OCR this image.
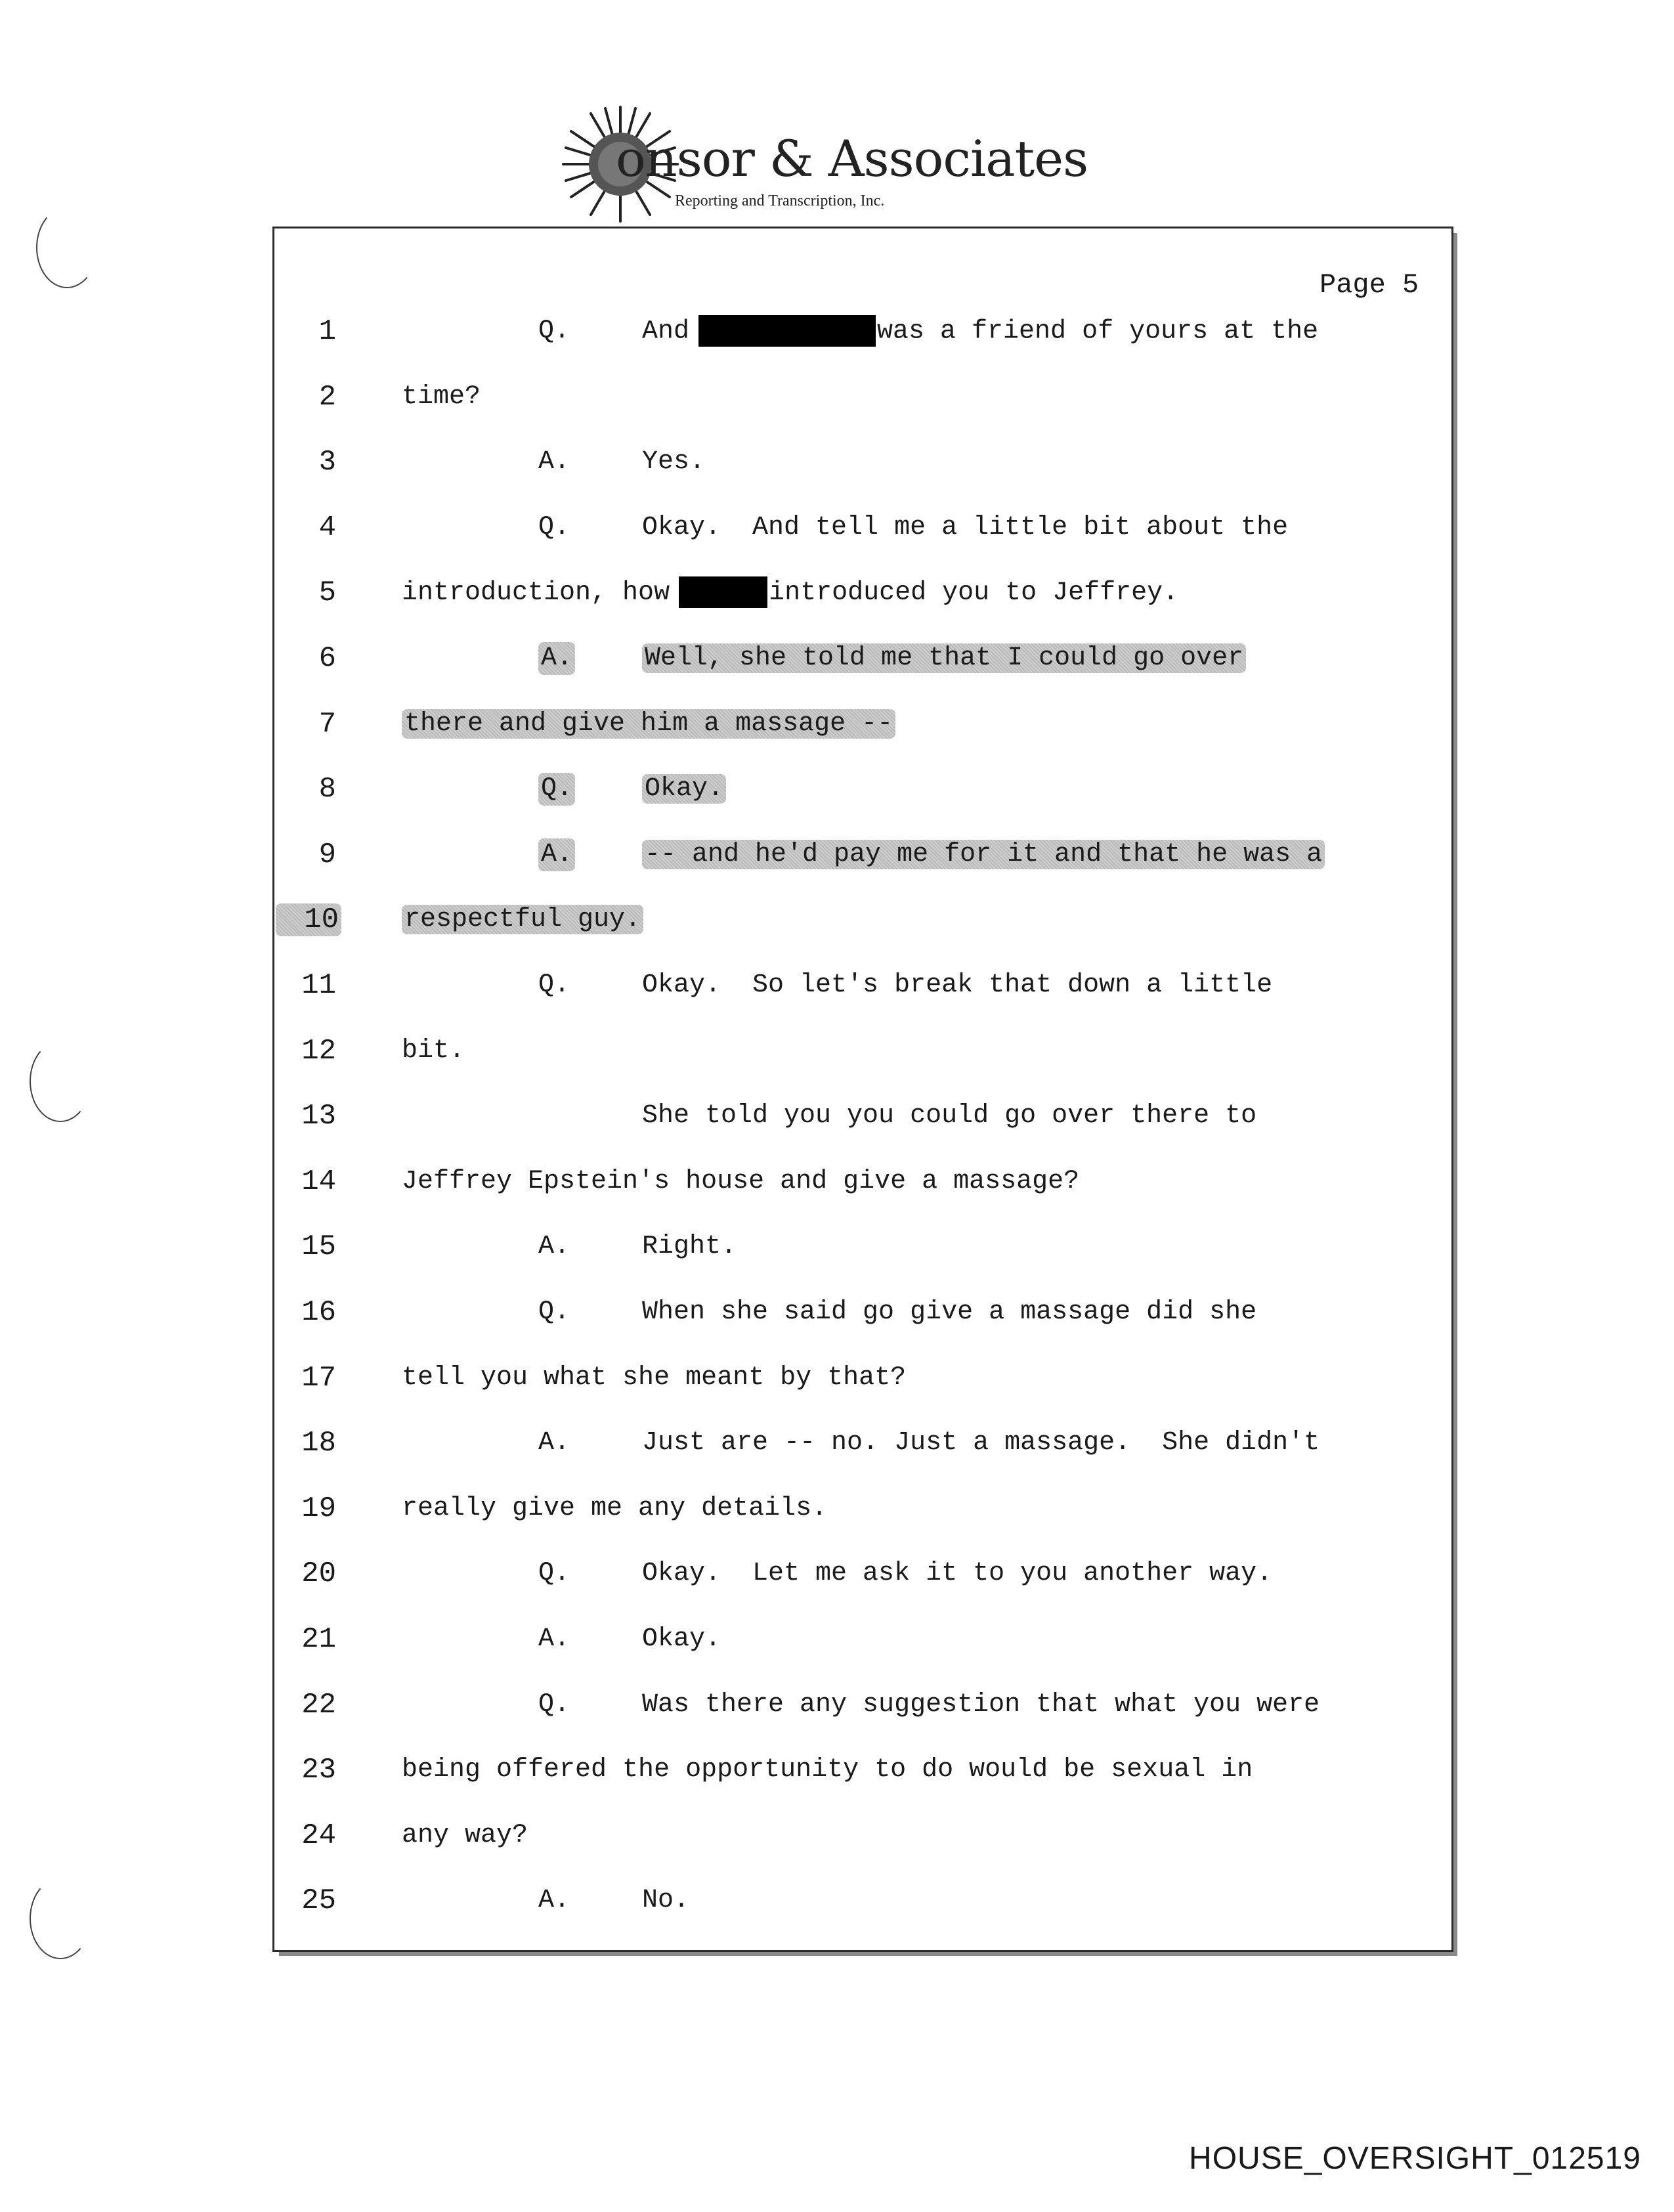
onsor & Associates
Reporting and Transcription, Inc.
Page 5
1	Q.	And	was a friend of yours at the
2	time?
3	A.	Yes.
4	Q.	Okay.  And tell me a little bit about the
5	introduction, how	introduced you to Jeffrey.
6	A.	Well, she told me that I could go over
7	there and give him a massage --
8	Q.	Okay.
9	A.	-- and he'd pay me for it and that he was a
10	respectful guy.
11	Q.	Okay.  So let's break that down a little
12	bit.
13	She told you you could go over there to
14	Jeffrey Epstein's house and give a massage?
15	A.	Right.
16	Q.	When she said go give a massage did she
17	tell you what she meant by that?
18	A.	Just are -- no. Just a massage.  She didn't
19	really give me any details.
20	Q.	Okay.  Let me ask it to you another way.
21	A.	Okay.
22	Q.	Was there any suggestion that what you were
23	being offered the opportunity to do would be sexual in
24	any way?
25	A.	No.
HOUSE_OVERSIGHT_012519
